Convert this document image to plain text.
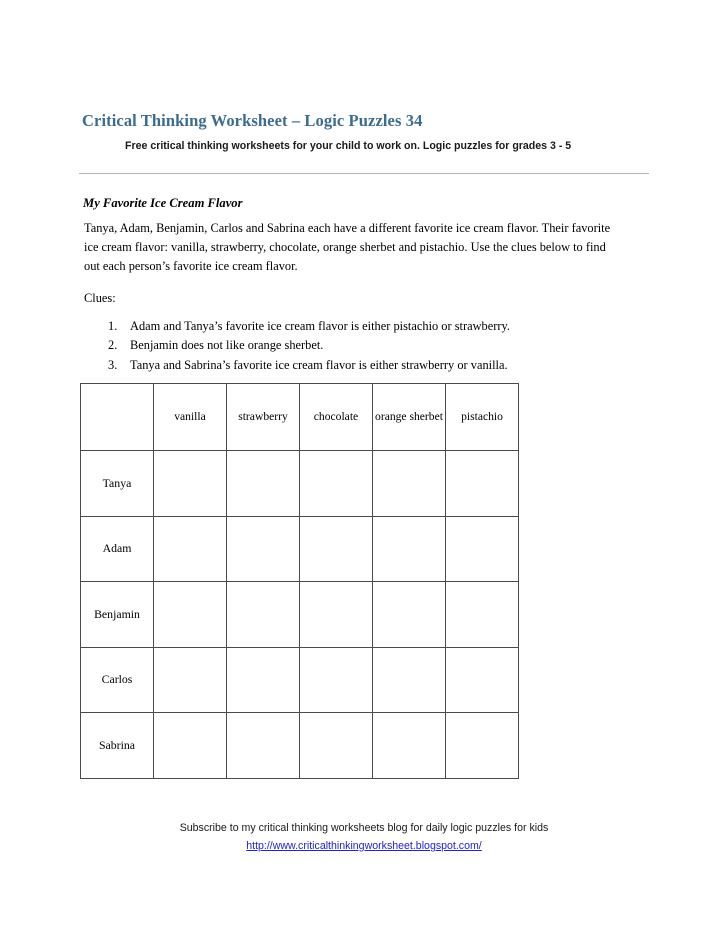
Critical Thinking Worksheet – Logic Puzzles 34
Free critical thinking worksheets for your child to work on. Logic puzzles for grades 3 - 5
My Favorite Ice Cream Flavor
Tanya, Adam, Benjamin, Carlos and Sabrina each have a different favorite ice cream flavor. Their favorite ice cream flavor: vanilla, strawberry, chocolate, orange sherbet and pistachio. Use the clues below to find out each person’s favorite ice cream flavor.
Clues:
1.	Adam and Tanya’s favorite ice cream flavor is either pistachio or strawberry.
2.	Benjamin does not like orange sherbet.
3.	Tanya and Sabrina’s favorite ice cream flavor is either strawberry or vanilla.
	vanilla	strawberry	chocolate	orange sherbet	pistachio
Tanya					
Adam					
Benjamin					
Carlos					
Sabrina					
Subscribe to my critical thinking worksheets blog for daily logic puzzles for kids
http://www.criticalthinkingworksheet.blogspot.com/
